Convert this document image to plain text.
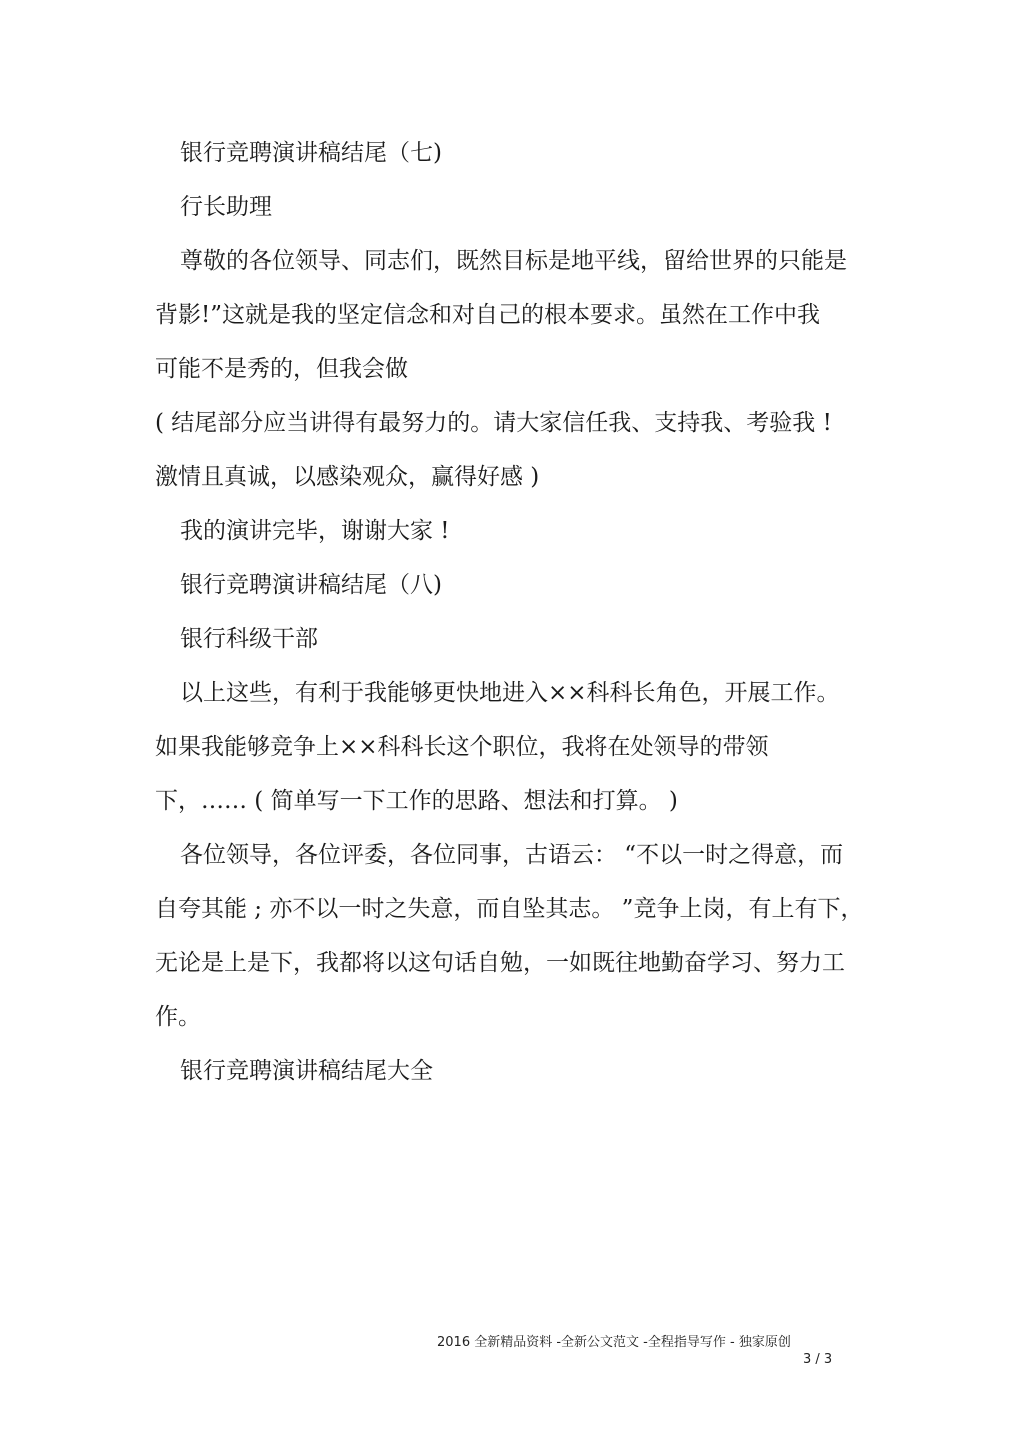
银行竞聘演讲稿结尾（七)
行长助理
尊敬的各位领导、同志们，既然目标是地平线，留给世界的只能是
背影!”这就是我的坚定信念和对自己的根本要求。虽然在工作中我
可能不是秀的，但我会做
( 结尾部分应当讲得有最努力的。请大家信任我、支持我、考验我 !
激情且真诚，以感染观众，赢得好感 )
我的演讲完毕，谢谢大家 !
银行竞聘演讲稿结尾（八)
银行科级干部
以上这些，有利于我能够更快地进入××科科长角色，开展工作。
如果我能够竞争上××科科长这个职位，我将在处领导的带领
下，…… ( 简单写一下工作的思路、想法和打算。 )
各位领导，各位评委，各位同事，古语云： “不以一时之得意，而
自夸其能 ; 亦不以一时之失意，而自坠其志。 ”竞争上岗，有上有下，
无论是上是下，我都将以这句话自勉，一如既往地勤奋学习、努力工
作。
银行竞聘演讲稿结尾大全
2016 全新精品资料 -全新公文范文 -全程指导写作 - 独家原创
3 / 3
